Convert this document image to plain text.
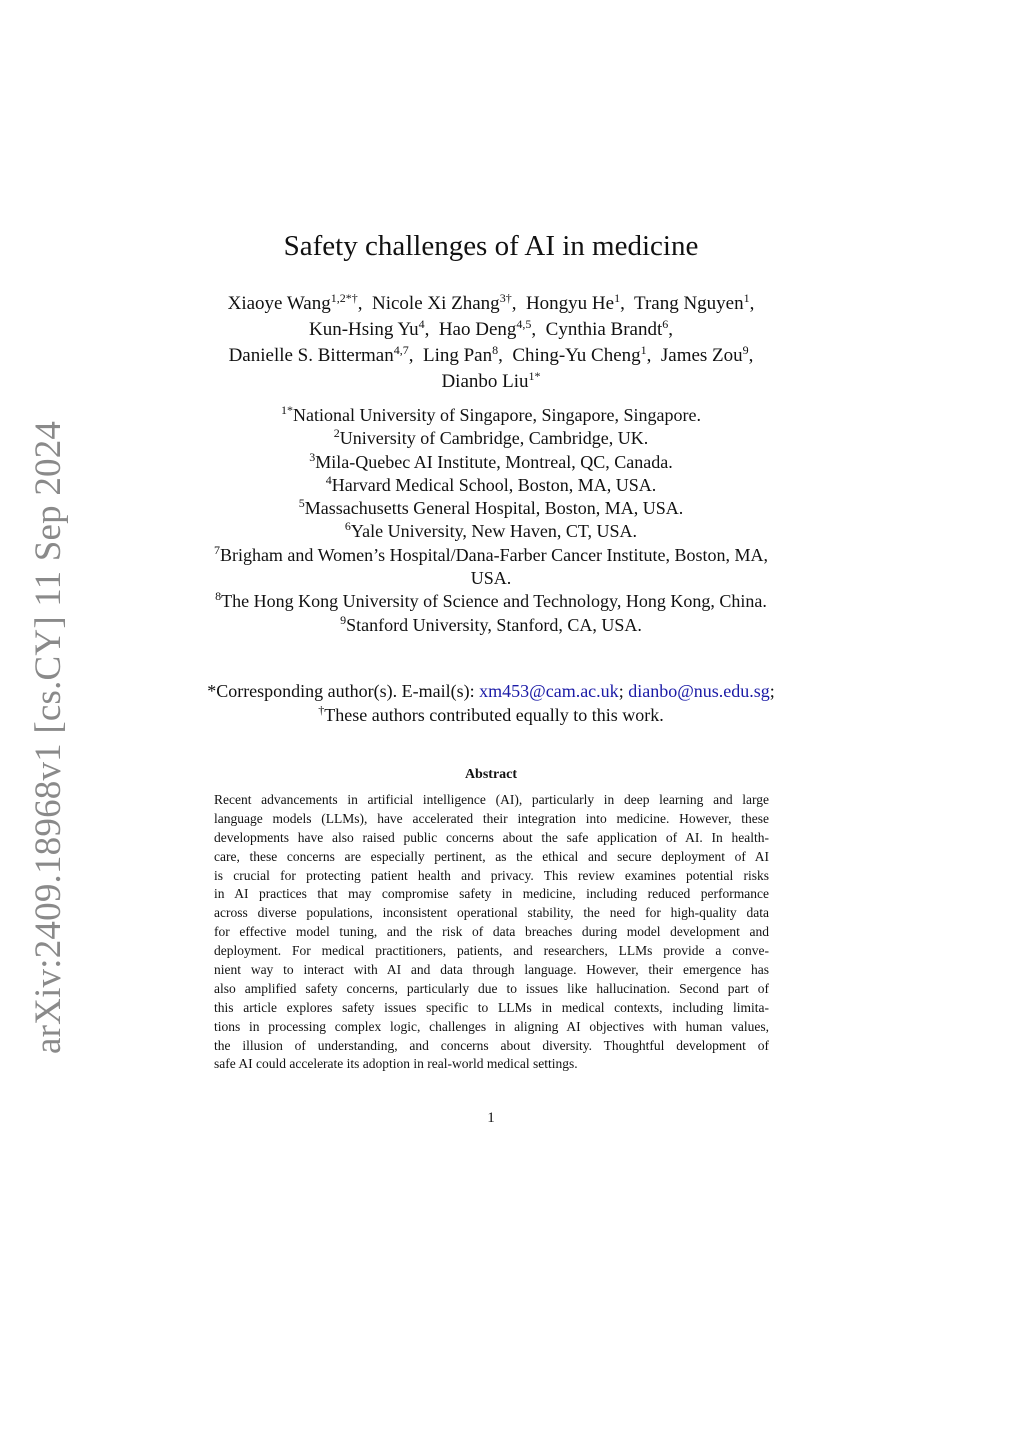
arXiv:2409.18968v1 [cs.CY] 11 Sep 2024
Safety challenges of AI in medicine
Xiaoye Wang$^{1,2*\dagger}$,  Nicole Xi Zhang$^{3\dagger}$,  Hongyu He$^1$,  Trang Nguyen$^1$,
Kun-Hsing Yu$^4$,  Hao Deng$^{4,5}$,  Cynthia Brandt$^6$,
Danielle S. Bitterman$^{4,7}$,  Ling Pan$^8$,  Ching-Yu Cheng$^1$,  James Zou$^9$,
Dianbo Liu$^{1*}$
$^{1*}$National University of Singapore, Singapore, Singapore.
$^2$University of Cambridge, Cambridge, UK.
$^3$Mila-Quebec AI Institute, Montreal, QC, Canada.
$^4$Harvard Medical School, Boston, MA, USA.
$^5$Massachusetts General Hospital, Boston, MA, USA.
$^6$Yale University, New Haven, CT, USA.
$^7$Brigham and Women’s Hospital/Dana-Farber Cancer Institute, Boston, MA,
USA.
$^8$The Hong Kong University of Science and Technology, Hong Kong, China.
$^9$Stanford University, Stanford, CA, USA.
*Corresponding author(s). E-mail(s): xm453@cam.ac.uk; dianbo@nus.edu.sg;
†These authors contributed equally to this work.
Abstract
Recent advancements in artificial intelligence (AI), particularly in deep learning and large
language models (LLMs), have accelerated their integration into medicine. However, these
developments have also raised public concerns about the safe application of AI. In health-
care, these concerns are especially pertinent, as the ethical and secure deployment of AI
is crucial for protecting patient health and privacy. This review examines potential risks
in AI practices that may compromise safety in medicine, including reduced performance
across diverse populations, inconsistent operational stability, the need for high-quality data
for effective model tuning, and the risk of data breaches during model development and
deployment. For medical practitioners, patients, and researchers, LLMs provide a conve-
nient way to interact with AI and data through language. However, their emergence has
also amplified safety concerns, particularly due to issues like hallucination. Second part of
this article explores safety issues specific to LLMs in medical contexts, including limita-
tions in processing complex logic, challenges in aligning AI objectives with human values,
the illusion of understanding, and concerns about diversity. Thoughtful development of
safe AI could accelerate its adoption in real-world medical settings.
1
